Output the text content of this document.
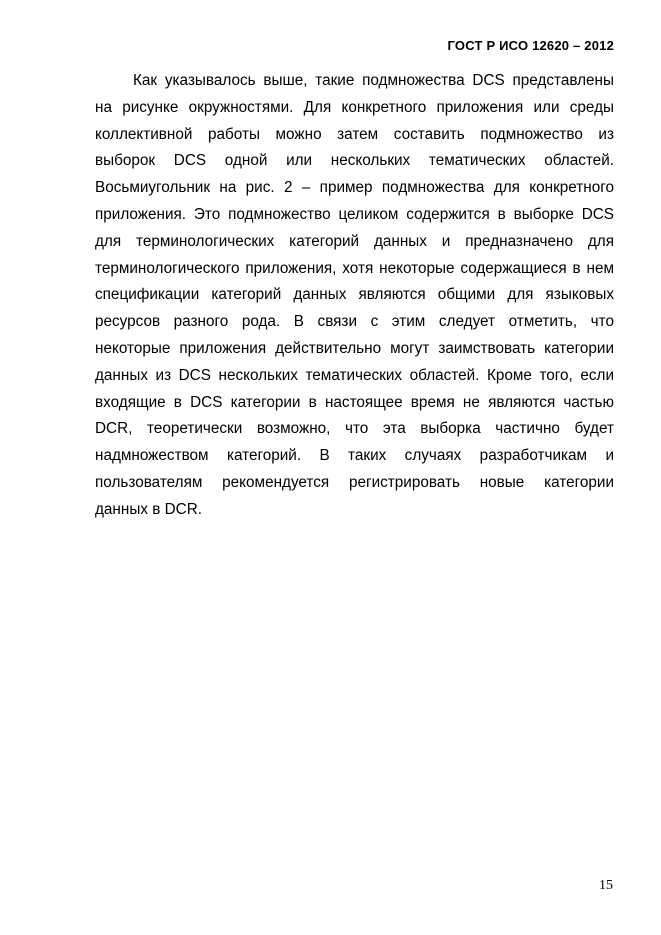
ГОСТ Р ИСО 12620 – 2012
Как указывалось выше, такие подмножества DCS представлены
на рисунке окружностями. Для конкретного приложения или среды
коллективной работы можно затем составить подмножество из
выборок DCS одной или нескольких тематических областей.
Восьмиугольник на рис. 2 – пример подмножества для конкретного
приложения. Это подмножество целиком содержится в выборке DCS
для терминологических категорий данных и предназначено для
терминологического приложения, хотя некоторые содержащиеся в нем
спецификации категорий данных являются общими для языковых
ресурсов разного рода. В связи с этим следует отметить, что
некоторые приложения действительно могут заимствовать категории
данных из DCS нескольких тематических областей. Кроме того, если
входящие в DCS категории в настоящее время не являются частью
DCR, теоретически возможно, что эта выборка частично будет
надмножеством категорий. В таких случаях разработчикам и
пользователям рекомендуется регистрировать новые категории
данных в DCR.
15
